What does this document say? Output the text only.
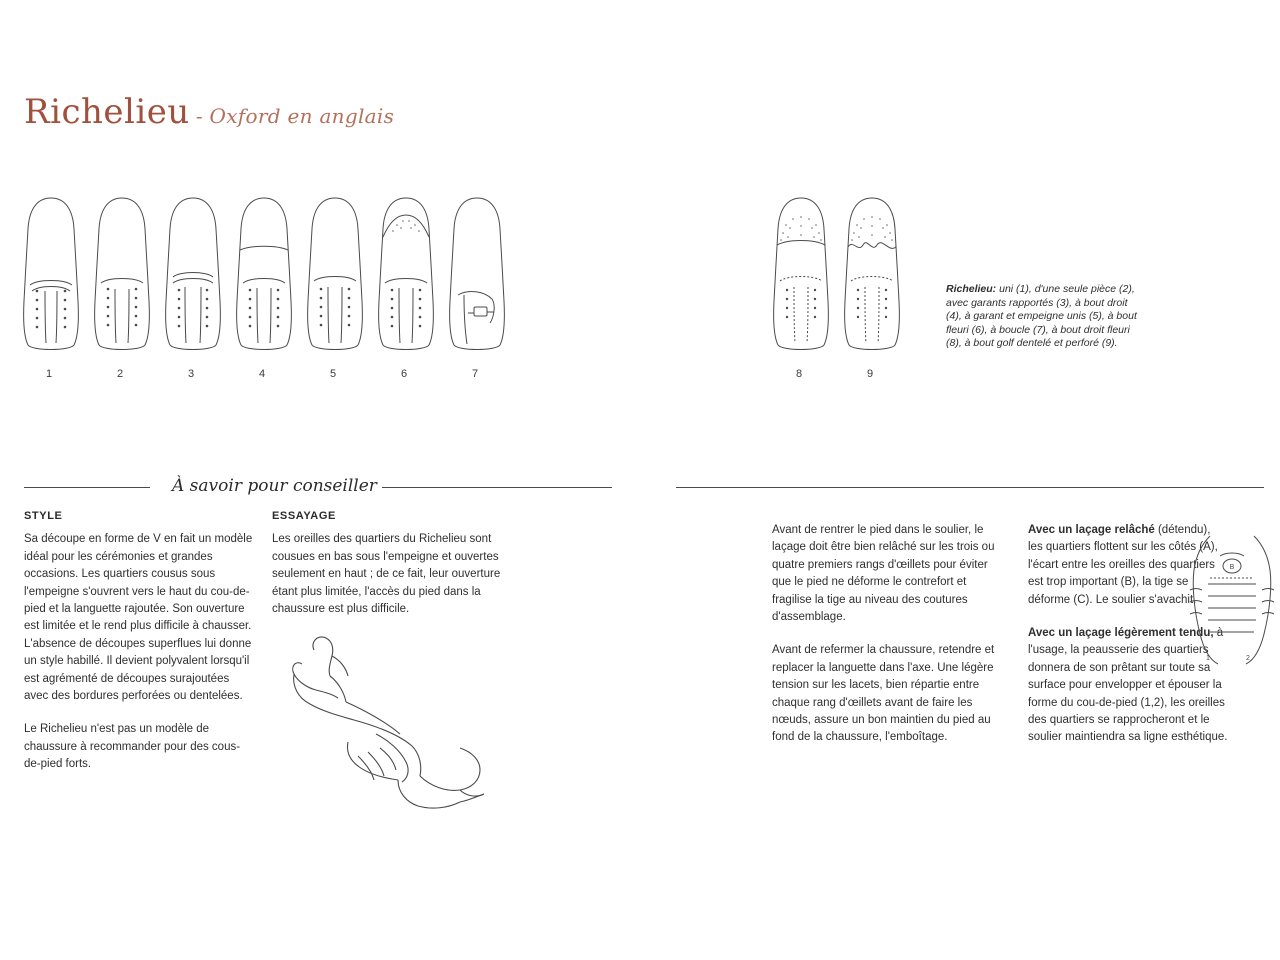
Richelieu - Oxford en anglais
1	2	3	4	5	6	7	8	9
Richelieu: uni (1), d'une seule pièce (2), avec garants rapportés (3), à bout droit (4), à garant et empeigne unis (5), à bout fleuri (6), à boucle (7), à bout droit fleuri (8), à bout golf dentelé et perforé (9).
À savoir pour conseiller
STYLE

Sa découpe en forme de V en fait un modèle idéal pour les cérémonies et grandes occasions. Les quartiers cousus sous l'empeigne s'ouvrent vers le haut du cou-de-pied et la languette rajoutée. Son ouverture est limitée et le rend plus difficile à chausser. L'absence de découpes superflues lui donne un style habillé. Il devient polyvalent lorsqu'il est agrémenté de découpes surajoutées avec des bordures perforées ou dentelées.

Le Richelieu n'est pas un modèle de chaussure à recommander pour des cous-de-pied forts.

ESSAYAGE

Les oreilles des quartiers du Richelieu sont cousues en bas sous l'empeigne et ouvertes seulement en haut ; de ce fait, leur ouverture étant plus limitée, l'accès du pied dans la chaussure est plus difficile.

Avant de rentrer le pied dans le soulier, le laçage doit être bien relâché sur les trois ou quatre premiers rangs d'œillets pour éviter que le pied ne déforme le contrefort et fragilise la tige au niveau des coutures d'assemblage.

Avant de refermer la chaussure, retendre et replacer la languette dans l'axe. Une légère tension sur les lacets, bien répartie entre chaque rang d'œillets avant de faire les nœuds, assure un bon maintien du pied au fond de la chaussure, l'emboîtage.

Avec un laçage relâché (détendu), les quartiers flottent sur les côtés (A), l'écart entre les oreilles des quartiers est trop important (B), la tige se déforme (C). Le soulier s'avachit.

Avec un laçage légèrement tendu, à l'usage, la peausserie des quartiers donnera de son prêtant sur toute sa surface pour envelopper et épouser la forme du cou-de-pied (1,2), les oreilles des quartiers se rapprocheront et le soulier maintiendra sa ligne esthétique.

B
1	2
